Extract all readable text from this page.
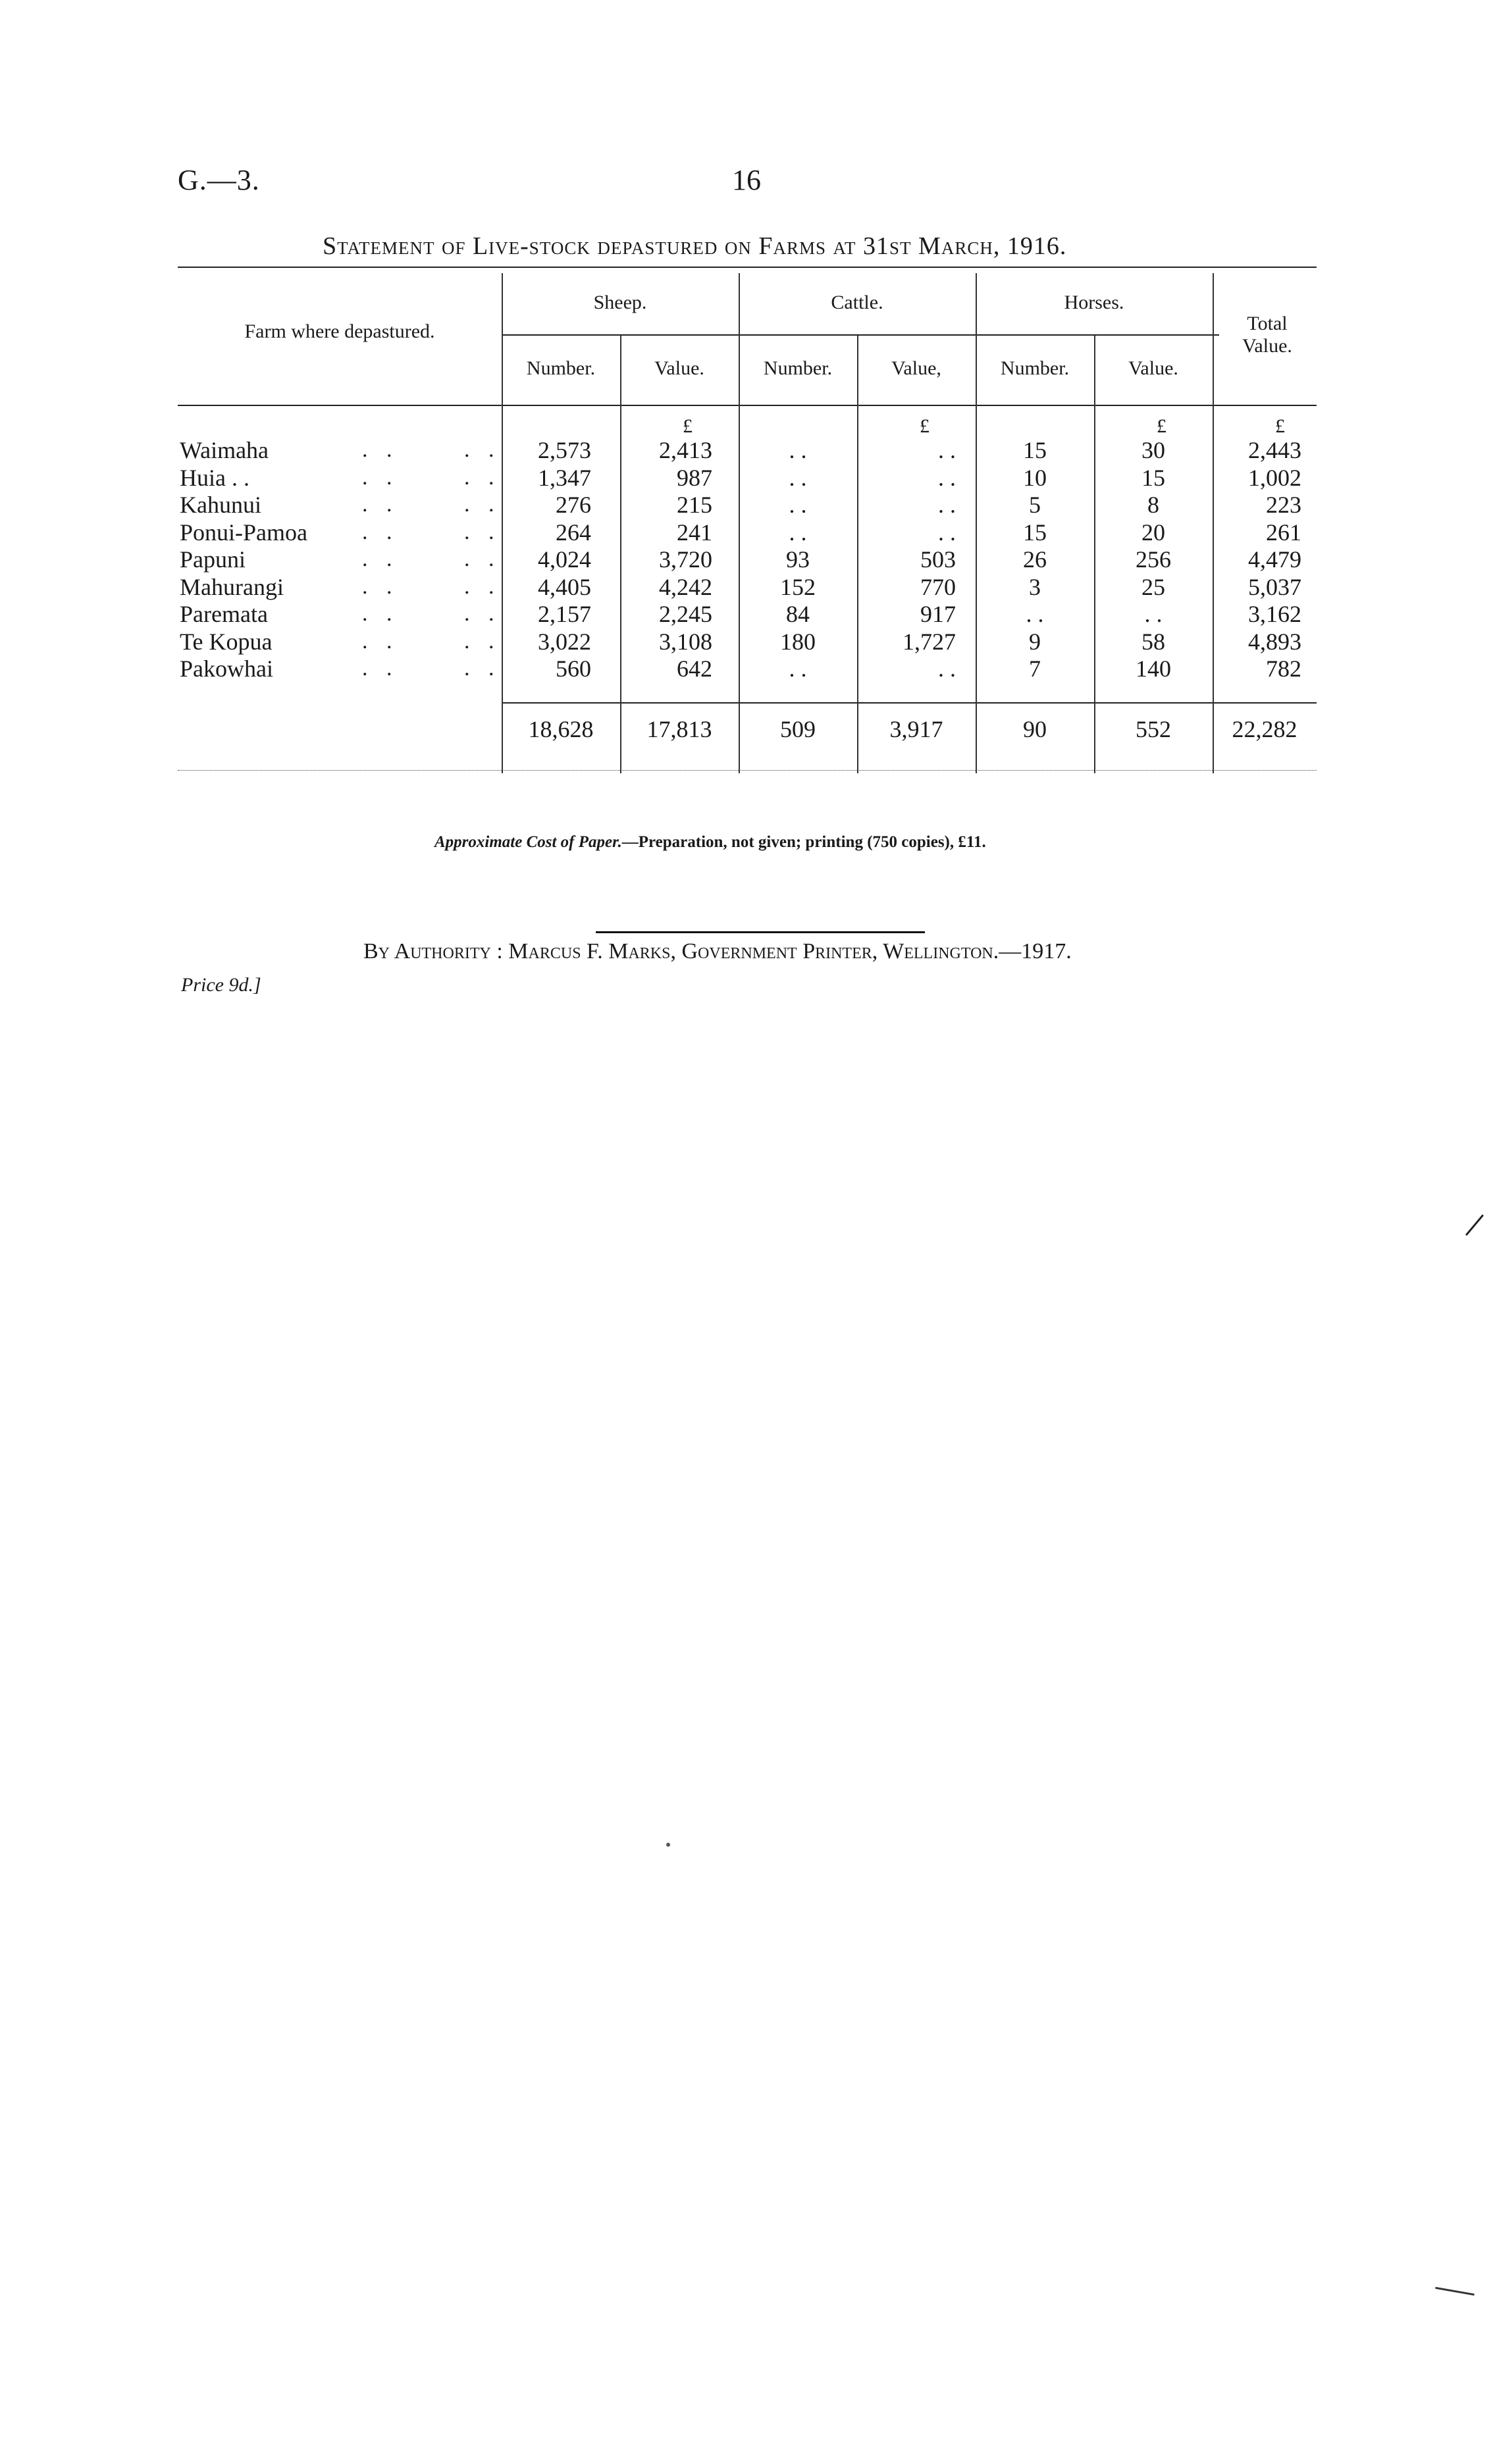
G.—3.	16
Statement of Live-stock depastured on Farms at 31st March, 1916.
Farm where depastured.
Sheep.	Cattle.	Horses.
Total Value.
Number.	Value.	Number.	Value,	Number.	Value.
£	£	£	£
Waimaha	. .	. .	2,573	2,413	. .	. .	15	30	2,443
Huia . .	. .	. .	1,347	987	. .	. .	10	15	1,002
Kahunui	. .	. .	276	215	. .	. .	5	8	223
Ponui-Pamoa . .	. .	264	241	. .	. .	15	20	261
Papuni	. .	. .	4,024	3,720	93	503	26	256	4,479
Mahurangi	. .	. .	4,405	4,242	152	770	3	25	5,037
Paremata	. .	. .	2,157	2,245	84	917	. .	. .	3,162
Te Kopua	. .	. .	3,022	3,108	180	1,727	9	58	4,893
Pakowhai	. .	. .	560	642	. .	. .	7	140	782
18,628	17,813	509	3,917	90	552	22,282
Approximate Cost of Paper.—Preparation, not given; printing (750 copies), £11.
By Authority : Marcus F. Marks, Government Printer, Wellington.—1917.
Price 9d.]
